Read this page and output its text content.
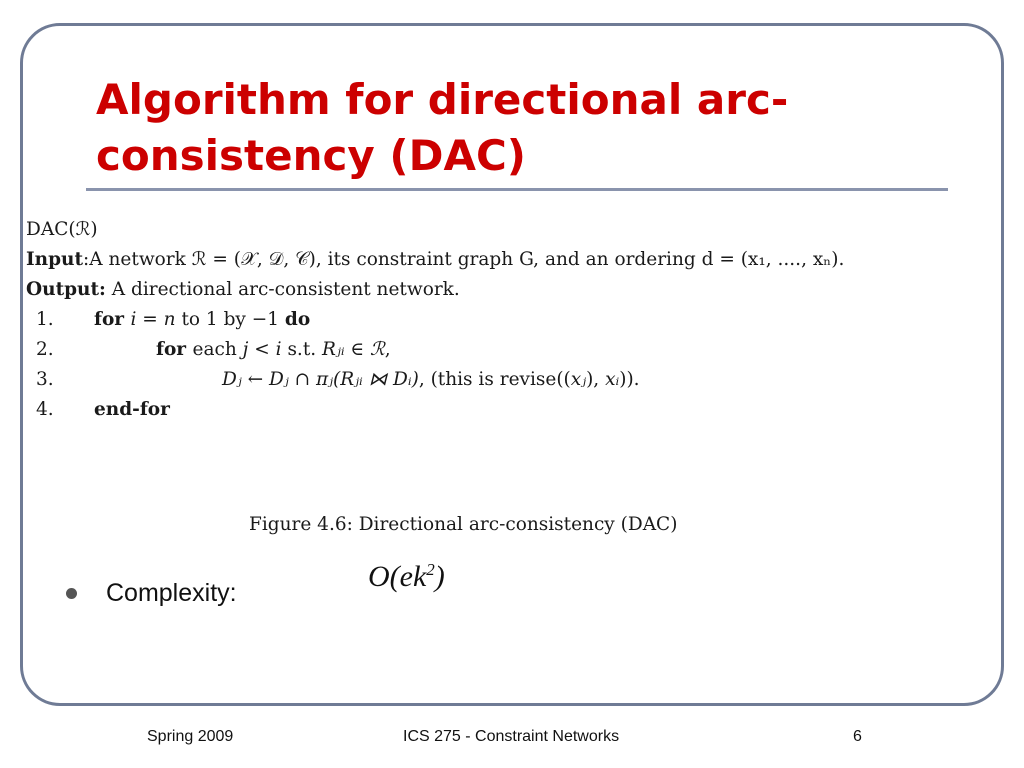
Algorithm for directional arc-consistency (DAC)
DAC(ℛ)
Input:A network ℛ = (𝒳, 𝒟, 𝒞), its constraint graph G, and an ordering d = (x₁, ...., xₙ).
Output: A directional arc-consistent network.
1. for i = n to 1 by −1 do
2.	for each j < i s.t. Rⱼᵢ ∈ ℛ,
3.	Dⱼ ← Dⱼ ∩ πⱼ(Rⱼᵢ ⋈ Dᵢ), (this is revise((xⱼ), xᵢ)).
4. end-for
Figure 4.6: Directional arc-consistency (DAC)
Complexity:	$O(ek^2)$
Spring 2009	ICS 275 - Constraint Networks	6
